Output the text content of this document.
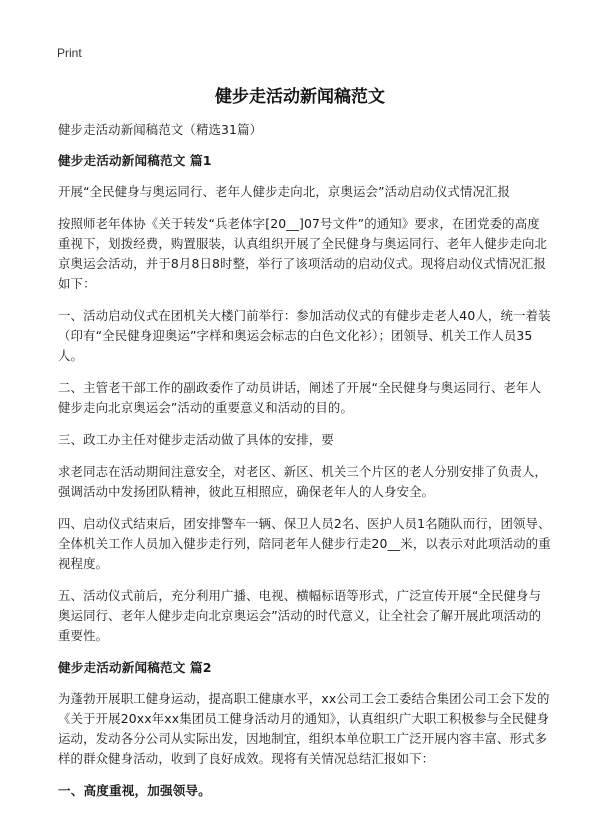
Print
健步走活动新闻稿范文

健步走活动新闻稿范文（精选31篇）

健步走活动新闻稿范文 篇1

开展“全民健身与奥运同行、老年人健步走向北，京奥运会”活动启动仪式情况汇报

按照师老年体协《关于转发“兵老体字[20__]07号文件”的通知》要求，在团党委的高度重视下，划拨经费，购置服装，认真组织开展了全民健身与奥运同行、老年人健步走向北京奥运会活动，并于8月8日8时整，举行了该项活动的启动仪式。现将启动仪式情况汇报如下：

一、活动启动仪式在团机关大楼门前举行：参加活动仪式的有健步走老人40人，统一着装（印有“全民健身迎奥运”字样和奥运会标志的白色文化衫）；团领导、机关工作人员35人。

二、主管老干部工作的副政委作了动员讲话，阐述了开展“全民健身与奥运同行、老年人健步走向北京奥运会”活动的重要意义和活动的目的。

三、政工办主任对健步走活动做了具体的安排，要

求老同志在活动期间注意安全，对老区、新区、机关三个片区的老人分别安排了负责人，强调活动中发扬团队精神，彼此互相照应，确保老年人的人身安全。

四、启动仪式结束后，团安排警车一辆、保卫人员2名、医护人员1名随队而行，团领导、全体机关工作人员加入健步走行列，陪同老年人健步行走20__米，以表示对此项活动的重视程度。

五、活动仪式前后，充分利用广播、电视、横幅标语等形式，广泛宣传开展“全民健身与奥运同行、老年人健步走向北京奥运会”活动的时代意义，让全社会了解开展此项活动的重要性。

健步走活动新闻稿范文 篇2

为蓬勃开展职工健身运动，提高职工健康水平，xx公司工会工委结合集团公司工会下发的《关于开展20xx年xx集团员工健身活动月的通知》，认真组织广大职工积极参与全民健身运动，发动各分公司从实际出发，因地制宜，组织本单位职工广泛开展内容丰富、形式多样的群众健身活动，收到了良好成效。现将有关情况总结汇报如下：

一、高度重视，加强领导。
